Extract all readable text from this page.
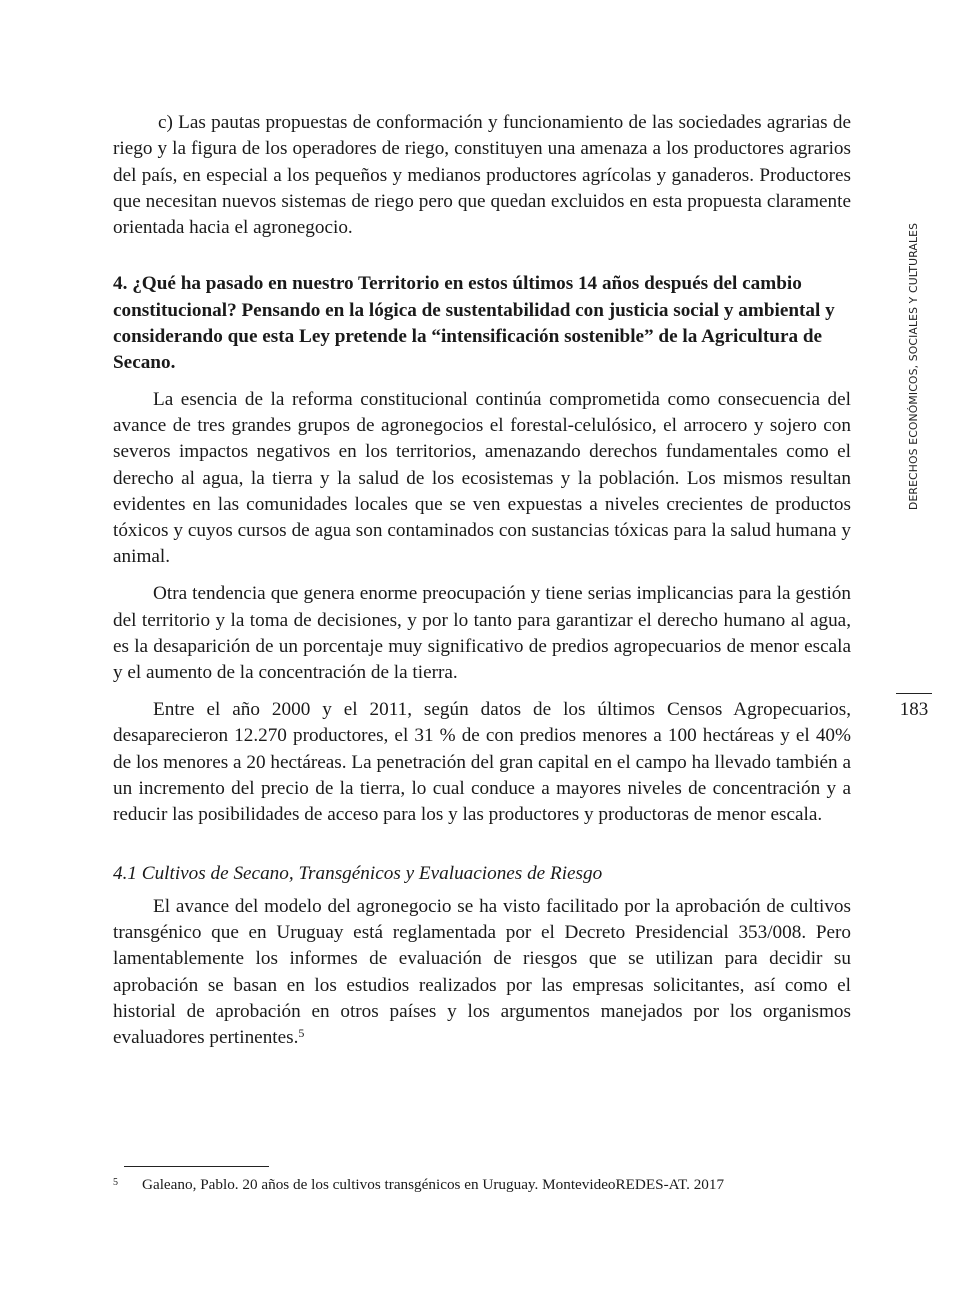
c) Las pautas propuestas de conformación y funcionamiento de las sociedades agrarias de riego y la figura de los operadores de riego, constituyen una amenaza a los productores agrarios del país, en especial a los pequeños y medianos productores agrícolas y ganaderos. Productores que necesitan nuevos sistemas de riego pero que quedan excluidos en esta propuesta claramente orientada hacia el agronegocio.

4. ¿Qué ha pasado en nuestro Territorio en estos últimos 14 años después del cambio constitucional? Pensando en la lógica de sustentabilidad con justicia social y ambiental y considerando que esta Ley pretende la “intensificación sostenible” de la Agricultura de Secano.

La esencia de la reforma constitucional continúa comprometida como consecuencia del avance de tres grandes grupos de agronegocios el forestal-celulósico, el arrocero y sojero con severos impactos negativos en los territorios, amenazando derechos fundamentales como el derecho al agua, la tierra y la salud de los ecosistemas y la población. Los mismos resultan evidentes en las comunidades locales que se ven expuestas a niveles crecientes de productos tóxicos y cuyos cursos de agua son contaminados con sustancias tóxicas para la salud humana y animal.

Otra tendencia que genera enorme preocupación y tiene serias implicancias para la gestión del territorio y la toma de decisiones, y por lo tanto para garantizar el derecho humano al agua, es la desaparición de un porcentaje muy significativo de predios agropecuarios de menor escala y el aumento de la concentración de la tierra.

Entre el año 2000 y el 2011, según datos de los últimos Censos Agropecuarios, desaparecieron 12.270 productores, el 31 % de con predios menores a 100 hectáreas y el 40% de los menores a 20 hectáreas. La penetración del gran capital en el campo ha llevado también a un incremento del precio de la tierra, lo cual conduce a mayores niveles de concentración y a reducir las posibilidades de acceso para los y las productores y productoras de menor escala.

4.1 Cultivos de Secano, Transgénicos y Evaluaciones de Riesgo

El avance del modelo del agronegocio se ha visto facilitado por la aprobación de cultivos transgénico que en Uruguay está reglamentada por el Decreto Presidencial 353/008. Pero lamentablemente los informes de evaluación de riesgos que se utilizan para decidir su aprobación se basan en los estudios realizados por las empresas solicitantes, así como el historial de aprobación en otros países y los argumentos manejados por los organismos evaluadores pertinentes.$^5$

DERECHOS ECONÓMICOS, SOCIALES Y CULTURALES
183
5 Galeano, Pablo. 20 años de los cultivos transgénicos en Uruguay. MontevideoREDES-AT. 2017
